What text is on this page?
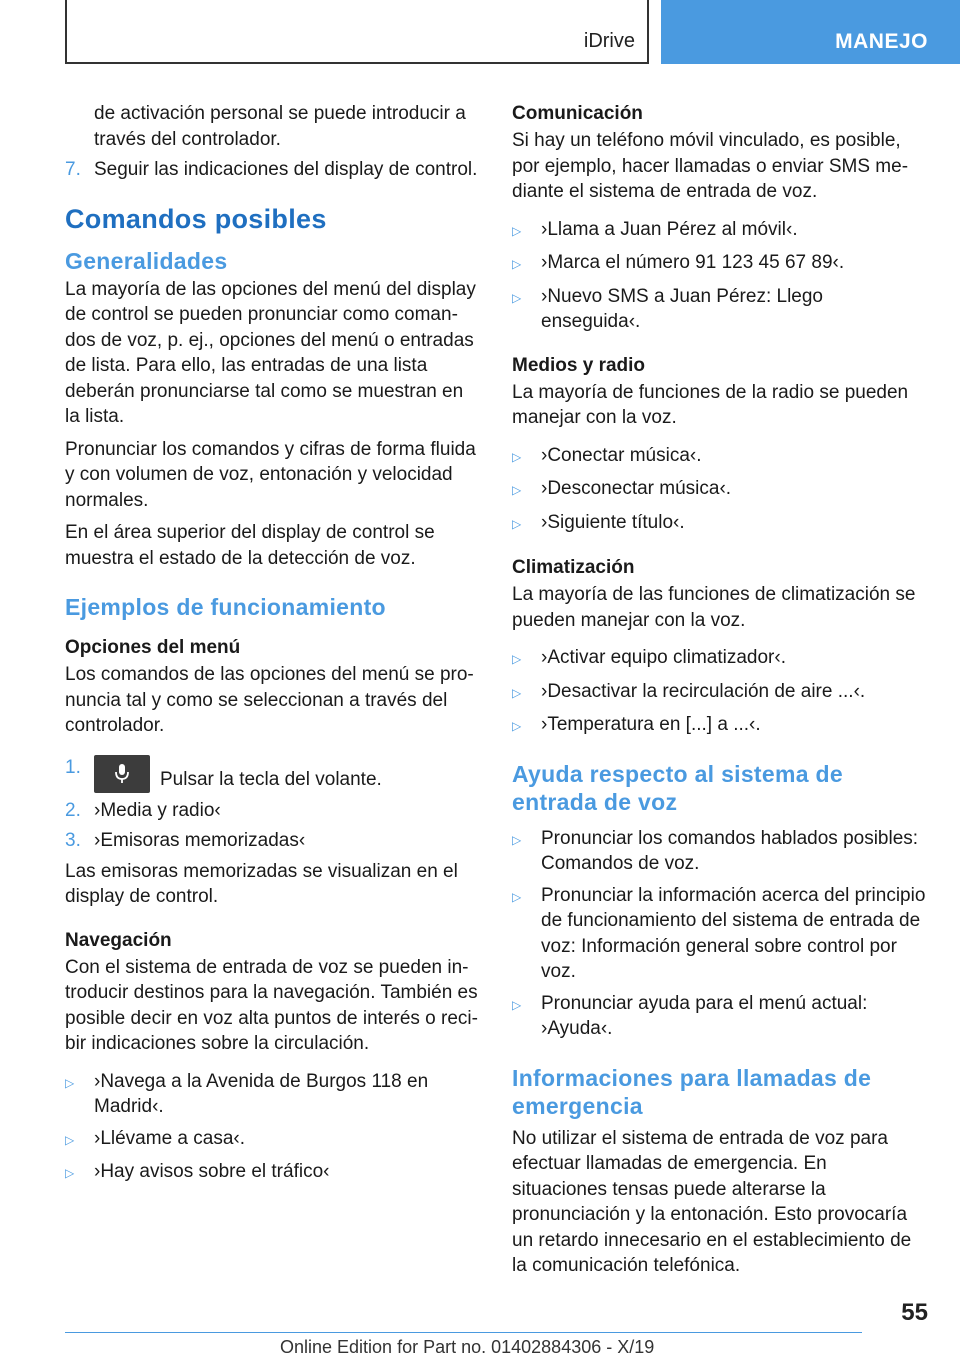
iDrive	MANEJO
de activación personal se puede introducir a través del controlador.
7. Seguir las indicaciones del display de control.
Comandos posibles
Generalidades

La mayoría de las opciones del menú del display de control se pueden pronunciar como comandos de voz, p. ej., opciones del menú o entradas de lista. Para ello, las entradas de una lista deberán pronunciarse tal como se muestran en la lista.

Pronunciar los comandos y cifras de forma fluida y con volumen de voz, entonación y velocidad normales.

En el área superior del display de control se muestra el estado de la detección de voz.

Ejemplos de funcionamiento
Opciones del menú

Los comandos de las opciones del menú se pronuncia tal y como se seleccionan a través del controlador.

1.
Pulsar la tecla del volante.
2. ›Media y radio‹
3. ›Emisoras memorizadas‹

Las emisoras memorizadas se visualizan en el display de control.

Navegación

Con el sistema de entrada de voz se pueden introducir destinos para la navegación. También es posible decir en voz alta puntos de interés o recibir indicaciones sobre la circulación.

▷	›Navega a la Avenida de Burgos 118 en Madrid‹.
▷	›Llévame a casa‹.
▷	›Hay avisos sobre el tráfico‹
Comunicación

Si hay un teléfono móvil vinculado, es posible, por ejemplo, hacer llamadas o enviar SMS mediante el sistema de entrada de voz.

▷	›Llama a Juan Pérez al móvil‹.
▷	›Marca el número 91 123 45 67 89‹.
▷	›Nuevo SMS a Juan Pérez: Llego enseguida‹.
Medios y radio

La mayoría de funciones de la radio se pueden manejar con la voz.

▷	›Conectar música‹.
▷	›Desconectar música‹.
▷	›Siguiente título‹.
Climatización

La mayoría de las funciones de climatización se pueden manejar con la voz.

▷	›Activar equipo climatizador‹.
▷	›Desactivar la recirculación de aire ...‹.
▷	›Temperatura en [...] a ...‹.
Ayuda respecto al sistema de entrada de voz
▷	Pronunciar los comandos hablados posibles: Comandos de voz.
▷	Pronunciar la información acerca del principio de funcionamiento del sistema de entrada de voz: Información general sobre control por voz.
▷	Pronunciar ayuda para el menú actual: ›Ayuda‹.
Informaciones para llamadas de emergencia

No utilizar el sistema de entrada de voz para efectuar llamadas de emergencia. En situaciones tensas puede alterarse la pronunciación y la entonación. Esto provocaría un retardo innecesario en el establecimiento de la comunicación telefónica.

55
Online Edition for Part no. 01402884306 - X/19
